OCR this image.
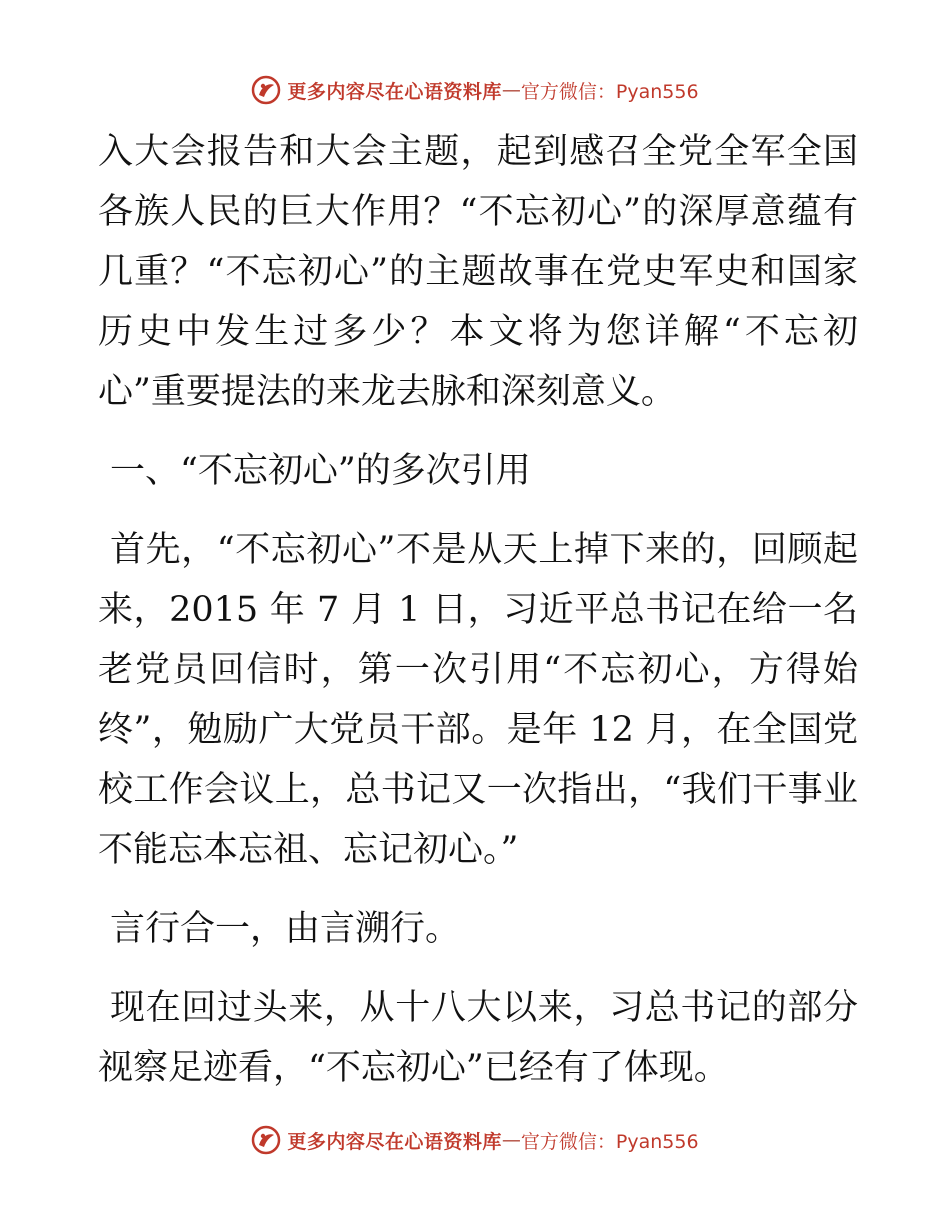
更多内容尽在心语资料库 — 官方微信：Pyan556

入大会报告和大会主题，起到感召全党全军全国各族人民的巨大作用？“不忘初心”的深厚意蕴有几重？“不忘初心”的主题故事在党史军史和国家历史中发生过多少？本文将为您详解“不忘初心”重要提法的来龙去脉和深刻意义。

一、“不忘初心”的多次引用

首先，“不忘初心”不是从天上掉下来的，回顾起来，2015 年 7 月 1 日，习近平总书记在给一名老党员回信时，第一次引用“不忘初心，方得始终”，勉励广大党员干部。是年 12 月，在全国党校工作会议上，总书记又一次指出，“我们干事业不能忘本忘祖、忘记初心。”

言行合一，由言溯行。

现在回过头来，从十八大以来，习总书记的部分视察足迹看，“不忘初心”已经有了体现。

更多内容尽在心语资料库 — 官方微信：Pyan556
